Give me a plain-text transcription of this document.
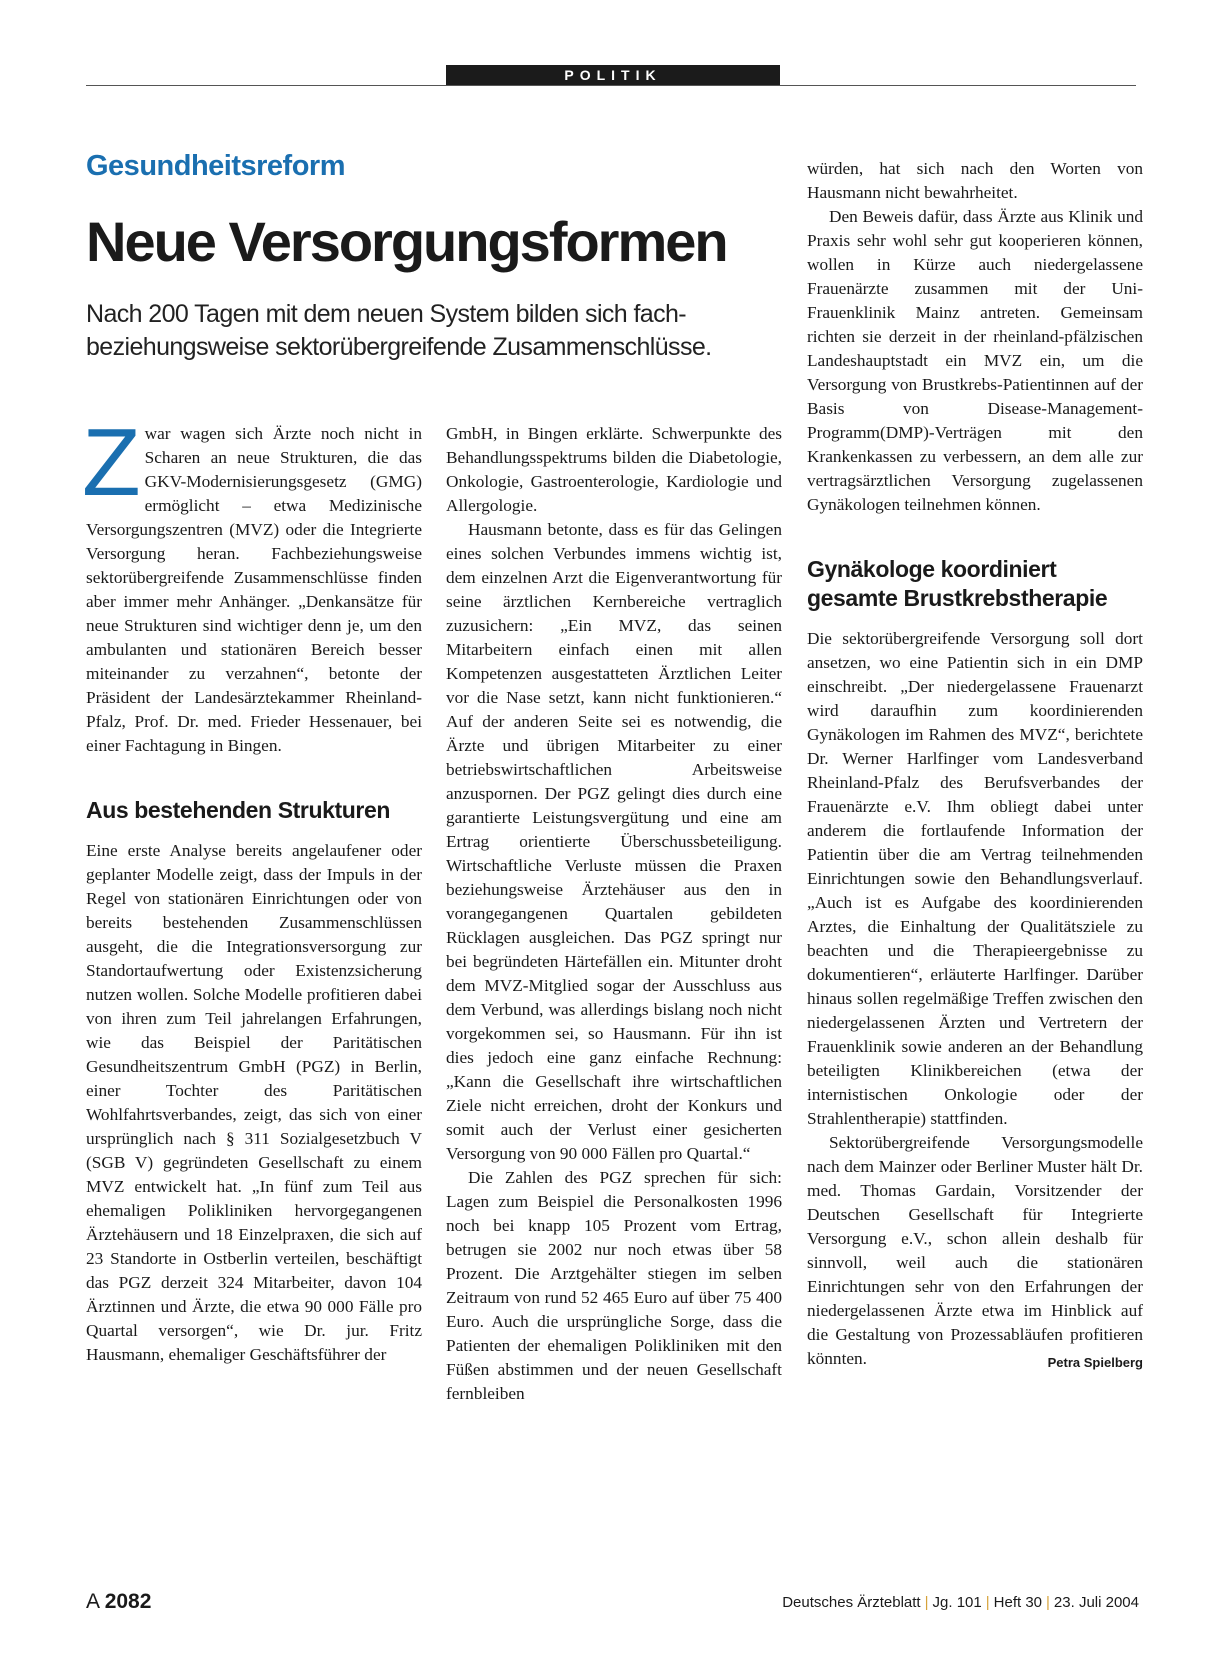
POLITIK
Gesundheitsreform
Neue Versorgungsformen
Nach 200 Tagen mit dem neuen System bilden sich fach- beziehungsweise sektorübergreifende Zusammenschlüsse.

Zwar wagen sich Ärzte noch nicht in Scharen an neue Strukturen, die das GKV-Modernisierungsgesetz (GMG) ermöglicht – etwa Medizinische Versorgungszentren (MVZ) oder die Integrierte Versorgung heran. Fachbeziehungsweise sektorübergreifende Zusammenschlüsse finden aber immer mehr Anhänger. „Denkansätze für neue Strukturen sind wichtiger denn je, um den ambulanten und stationären Bereich besser miteinander zu verzahnen“, betonte der Präsident der Landesärztekammer Rheinland-Pfalz, Prof. Dr. med. Frieder Hessenauer, bei einer Fachtagung in Bingen.

Aus bestehenden Strukturen

Eine erste Analyse bereits angelaufener oder geplanter Modelle zeigt, dass der Impuls in der Regel von stationären Einrichtungen oder von bereits bestehenden Zusammenschlüssen ausgeht, die die Integrationsversorgung zur Standortaufwertung oder Existenzsicherung nutzen wollen. Solche Modelle profitieren dabei von ihren zum Teil jahrelangen Erfahrungen, wie das Beispiel der Paritätischen Gesundheitszentrum GmbH (PGZ) in Berlin, einer Tochter des Paritätischen Wohlfahrtsverbandes, zeigt, das sich von einer ursprünglich nach § 311 Sozialgesetzbuch V (SGB V) gegründeten Gesellschaft zu einem MVZ entwickelt hat. „In fünf zum Teil aus ehemaligen Polikliniken hervorgegangenen Ärztehäusern und 18 Einzelpraxen, die sich auf 23 Standorte in Ostberlin verteilen, beschäftigt das PGZ derzeit 324 Mitarbeiter, davon 104 Ärztinnen und Ärzte, die etwa 90 000 Fälle pro Quartal versorgen“, wie Dr. jur. Fritz Hausmann, ehemaliger Geschäftsführer der

GmbH, in Bingen erklärte. Schwerpunkte des Behandlungsspektrums bilden die Diabetologie, Onkologie, Gastroenterologie, Kardiologie und Allergologie.

Hausmann betonte, dass es für das Gelingen eines solchen Verbundes immens wichtig ist, dem einzelnen Arzt die Eigenverantwortung für seine ärztlichen Kernbereiche vertraglich zuzusichern: „Ein MVZ, das seinen Mitarbeitern einfach einen mit allen Kompetenzen ausgestatteten Ärztlichen Leiter vor die Nase setzt, kann nicht funktionieren.“ Auf der anderen Seite sei es notwendig, die Ärzte und übrigen Mitarbeiter zu einer betriebswirtschaftlichen Arbeitsweise anzuspornen. Der PGZ gelingt dies durch eine garantierte Leistungsvergütung und eine am Ertrag orientierte Überschussbeteiligung. Wirtschaftliche Verluste müssen die Praxen beziehungsweise Ärztehäuser aus den in vorangegangenen Quartalen gebildeten Rücklagen ausgleichen. Das PGZ springt nur bei begründeten Härtefällen ein. Mitunter droht dem MVZ-Mitglied sogar der Ausschluss aus dem Verbund, was allerdings bislang noch nicht vorgekommen sei, so Hausmann. Für ihn ist dies jedoch eine ganz einfache Rechnung: „Kann die Gesellschaft ihre wirtschaftlichen Ziele nicht erreichen, droht der Konkurs und somit auch der Verlust einer gesicherten Versorgung von 90 000 Fällen pro Quartal.“

Die Zahlen des PGZ sprechen für sich: Lagen zum Beispiel die Personalkosten 1996 noch bei knapp 105 Prozent vom Ertrag, betrugen sie 2002 nur noch etwas über 58 Prozent. Die Arztgehälter stiegen im selben Zeitraum von rund 52 465 Euro auf über 75 400 Euro. Auch die ursprüngliche Sorge, dass die Patienten der ehemaligen Polikliniken mit den Füßen abstimmen und der neuen Gesellschaft fernbleiben

würden, hat sich nach den Worten von Hausmann nicht bewahrheitet.

Den Beweis dafür, dass Ärzte aus Klinik und Praxis sehr wohl sehr gut kooperieren können, wollen in Kürze auch niedergelassene Frauenärzte zusammen mit der Uni-Frauenklinik Mainz antreten. Gemeinsam richten sie derzeit in der rheinland-pfälzischen Landeshauptstadt ein MVZ ein, um die Versorgung von Brustkrebs-Patientinnen auf der Basis von Disease-Management-Programm(DMP)-Verträgen mit den Krankenkassen zu verbessern, an dem alle zur vertragsärztlichen Versorgung zugelassenen Gynäkologen teilnehmen können.

Gynäkologe koordiniert gesamte Brustkrebstherapie

Die sektorübergreifende Versorgung soll dort ansetzen, wo eine Patientin sich in ein DMP einschreibt. „Der niedergelassene Frauenarzt wird daraufhin zum koordinierenden Gynäkologen im Rahmen des MVZ“, berichtete Dr. Werner Harlfinger vom Landesverband Rheinland-Pfalz des Berufsverbandes der Frauenärzte e.V. Ihm obliegt dabei unter anderem die fortlaufende Information der Patientin über die am Vertrag teilnehmenden Einrichtungen sowie den Behandlungsverlauf. „Auch ist es Aufgabe des koordinierenden Arztes, die Einhaltung der Qualitätsziele zu beachten und die Therapieergebnisse zu dokumentieren“, erläuterte Harlfinger. Darüber hinaus sollen regelmäßige Treffen zwischen den niedergelassenen Ärzten und Vertretern der Frauenklinik sowie anderen an der Behandlung beteiligten Klinikbereichen (etwa der internistischen Onkologie oder der Strahlentherapie) stattfinden.

Sektorübergreifende Versorgungsmodelle nach dem Mainzer oder Berliner Muster hält Dr. med. Thomas Gardain, Vorsitzender der Deutschen Gesellschaft für Integrierte Versorgung e.V., schon allein deshalb für sinnvoll, weil auch die stationären Einrichtungen sehr von den Erfahrungen der niedergelassenen Ärzte etwa im Hinblick auf die Gestaltung von Prozessabläufen profitieren könnten.	Petra Spielberg

A 2082	Deutsches Ärzteblatt | Jg. 101 | Heft 30 | 23. Juli 2004
